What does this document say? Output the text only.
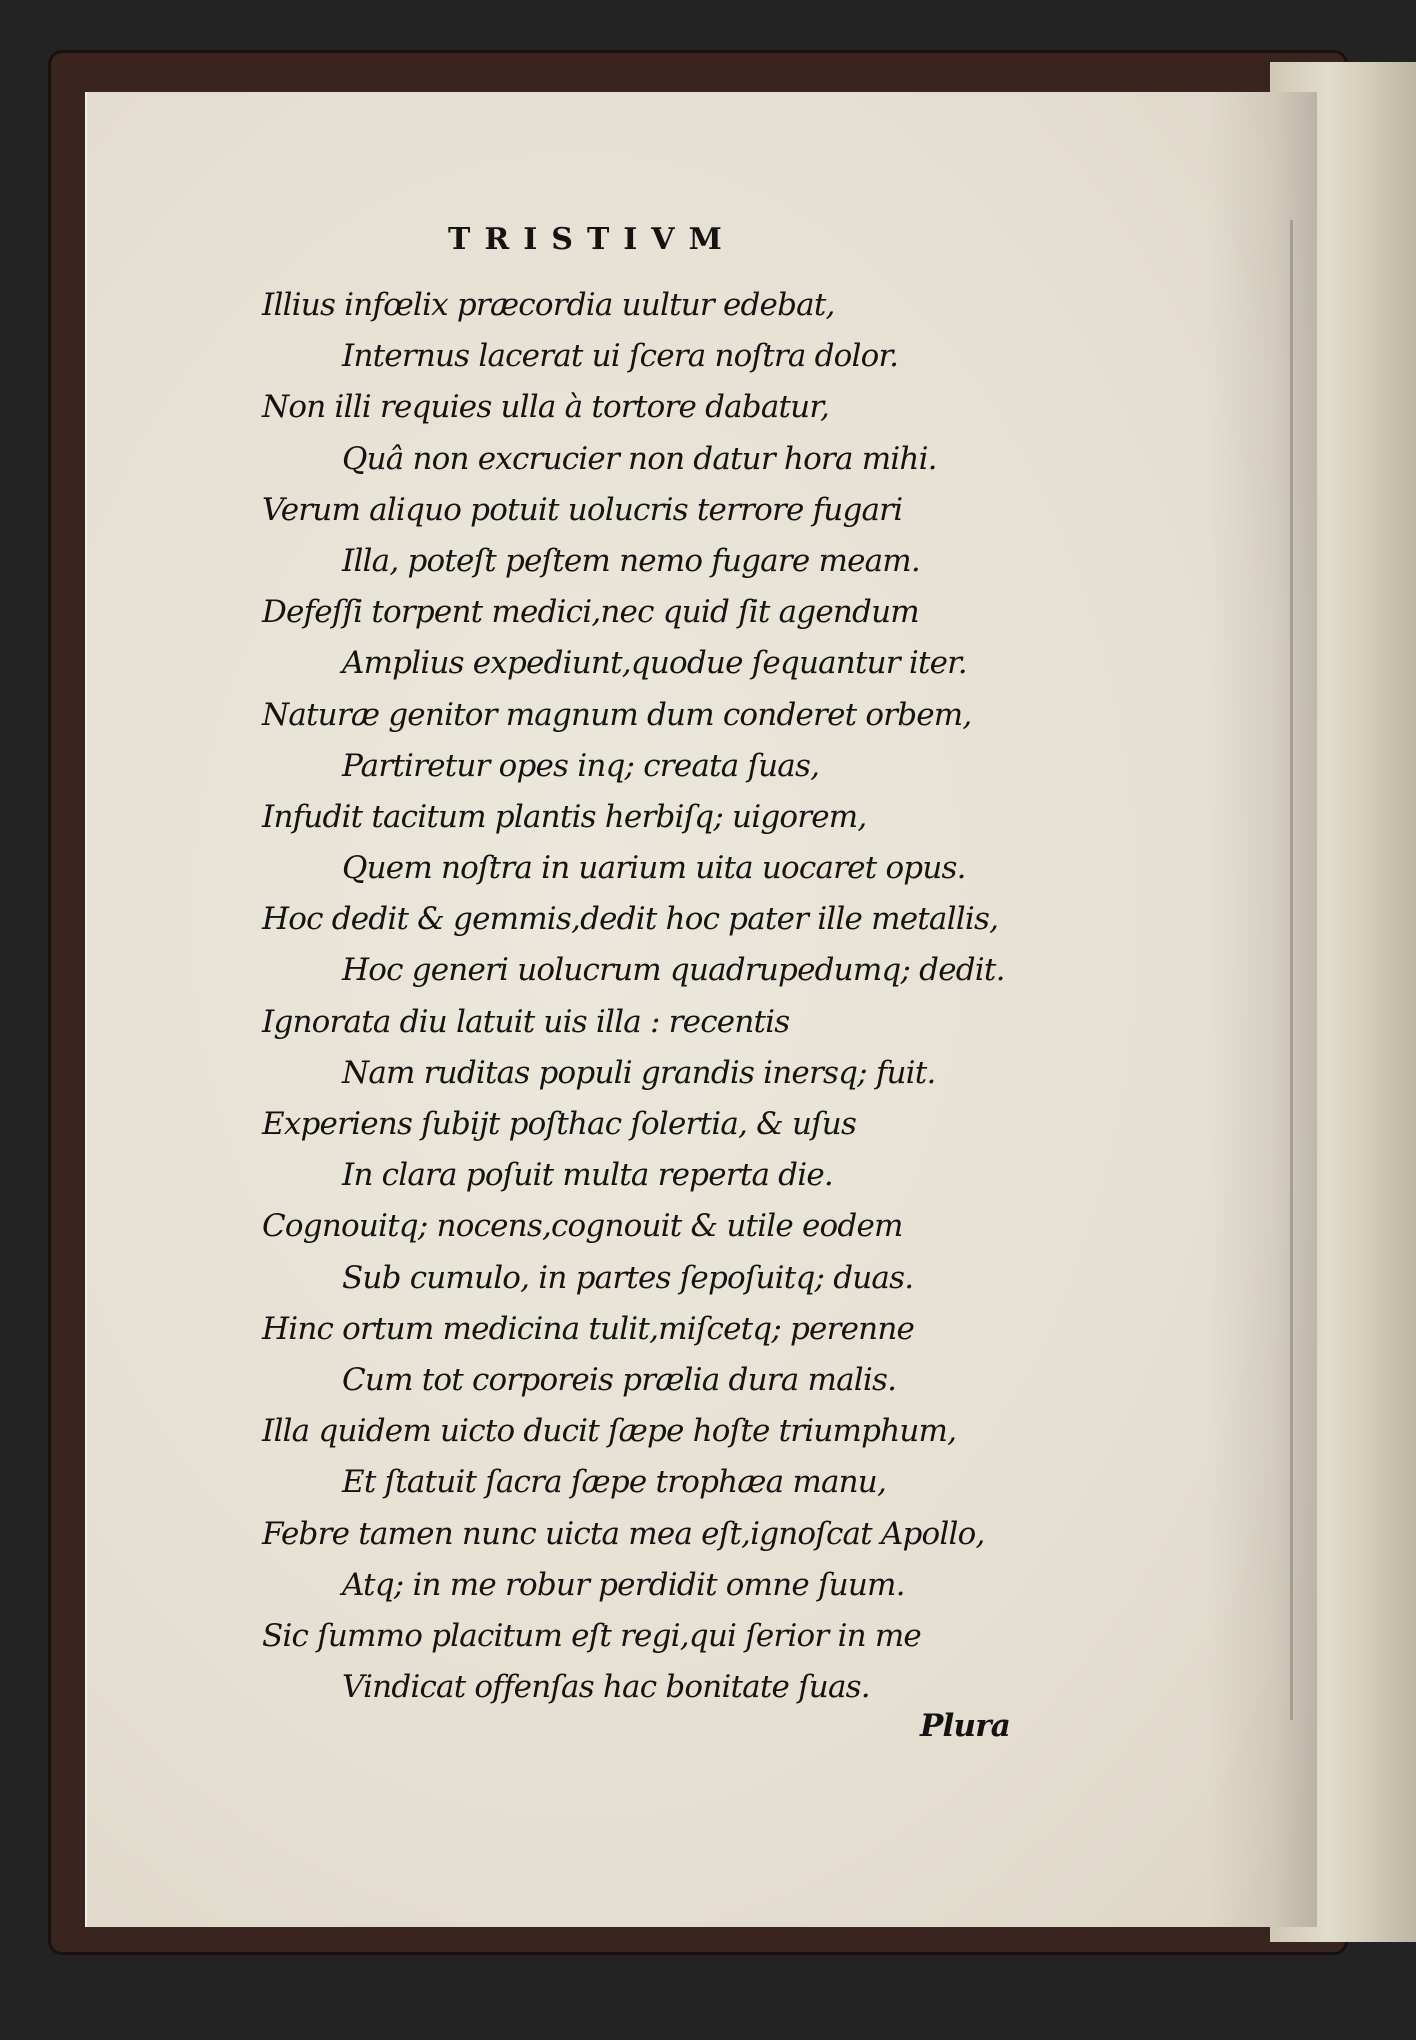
TRISTIVM
Illius infœlix præcordia uultur edebat,
Internus lacerat ui ſcera noſtra dolor.
Non illi requies ulla à tortore dabatur,
Quâ non excrucier non datur hora mihi.
Verum aliquo potuit uolucris terrore fugari
Illa, poteſt peſtem nemo fugare meam.
Defeſſi torpent medici,nec quid ſit agendum
Amplius expediunt,quodue ſequantur iter.
Naturæ genitor magnum dum conderet orbem,
Partiretur opes inq; creata ſuas,
Infudit tacitum plantis herbiſq; uigorem,
Quem noſtra in uarium uita uocaret opus.
Hoc dedit & gemmis,dedit hoc pater ille metallis,
Hoc generi uolucrum quadrupedumq; dedit.
Ignorata diu latuit uis illa : recentis
Nam ruditas populi grandis inersq; fuit.
Experiens ſubijt poſthac ſolertia, & uſus
In clara poſuit multa reperta die.
Cognouitq; nocens,cognouit & utile eodem
Sub cumulo, in partes ſepoſuitq; duas.
Hinc ortum medicina tulit,miſcetq; perenne
Cum tot corporeis prælia dura malis.
Illa quidem uicto ducit ſæpe hoſte triumphum,
Et ſtatuit ſacra ſæpe trophæa manu,
Febre tamen nunc uicta mea eſt,ignoſcat Apollo,
Atq; in me robur perdidit omne ſuum.
Sic ſummo placitum eſt regi,qui ſerior in me
Vindicat offenſas hac bonitate ſuas.
Plura
